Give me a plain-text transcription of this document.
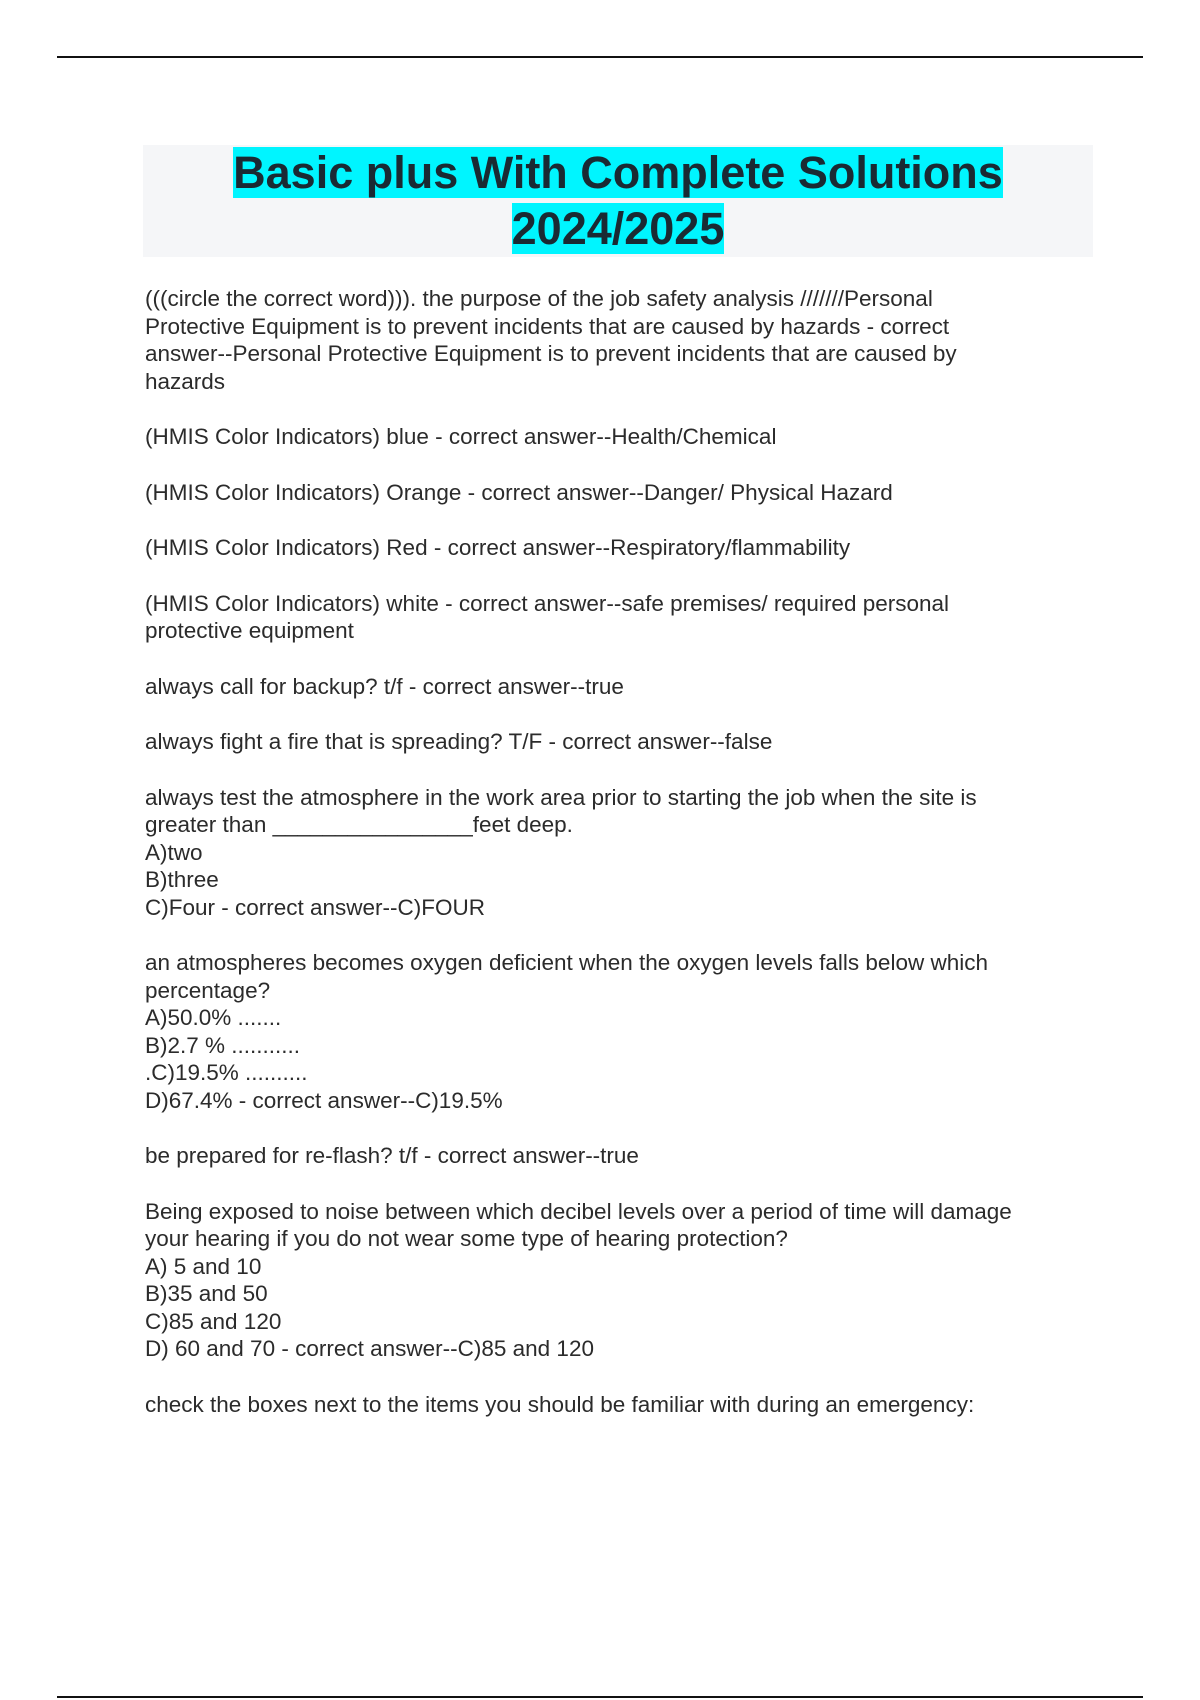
Basic plus With Complete Solutions
2024/2025
(((circle the correct word))). the purpose of the job safety analysis ///////Personal
Protective Equipment is to prevent incidents that are caused by hazards - correct
answer--Personal Protective Equipment is to prevent incidents that are caused by
hazards
(HMIS Color Indicators) blue - correct answer--Health/Chemical
(HMIS Color Indicators) Orange - correct answer--Danger/ Physical Hazard
(HMIS Color Indicators) Red - correct answer--Respiratory/flammability
(HMIS Color Indicators) white - correct answer--safe premises/ required personal
protective equipment
always call for backup? t/f - correct answer--true
always fight a fire that is spreading? T/F - correct answer--false
always test the atmosphere in the work area prior to starting the job when the site is
greater than ________________feet deep.
A)two
B)three
C)Four - correct answer--C)FOUR
an atmospheres becomes oxygen deficient when the oxygen levels falls below which
percentage?
A)50.0% .......
B)2.7 % ...........
.C)19.5% ..........
D)67.4% - correct answer--C)19.5%
be prepared for re-flash? t/f - correct answer--true
Being exposed to noise between which decibel levels over a period of time will damage
your hearing if you do not wear some type of hearing protection?
A) 5 and 10
B)35 and 50
C)85 and 120
D) 60 and 70 - correct answer--C)85 and 120
check the boxes next to the items you should be familiar with during an emergency:
